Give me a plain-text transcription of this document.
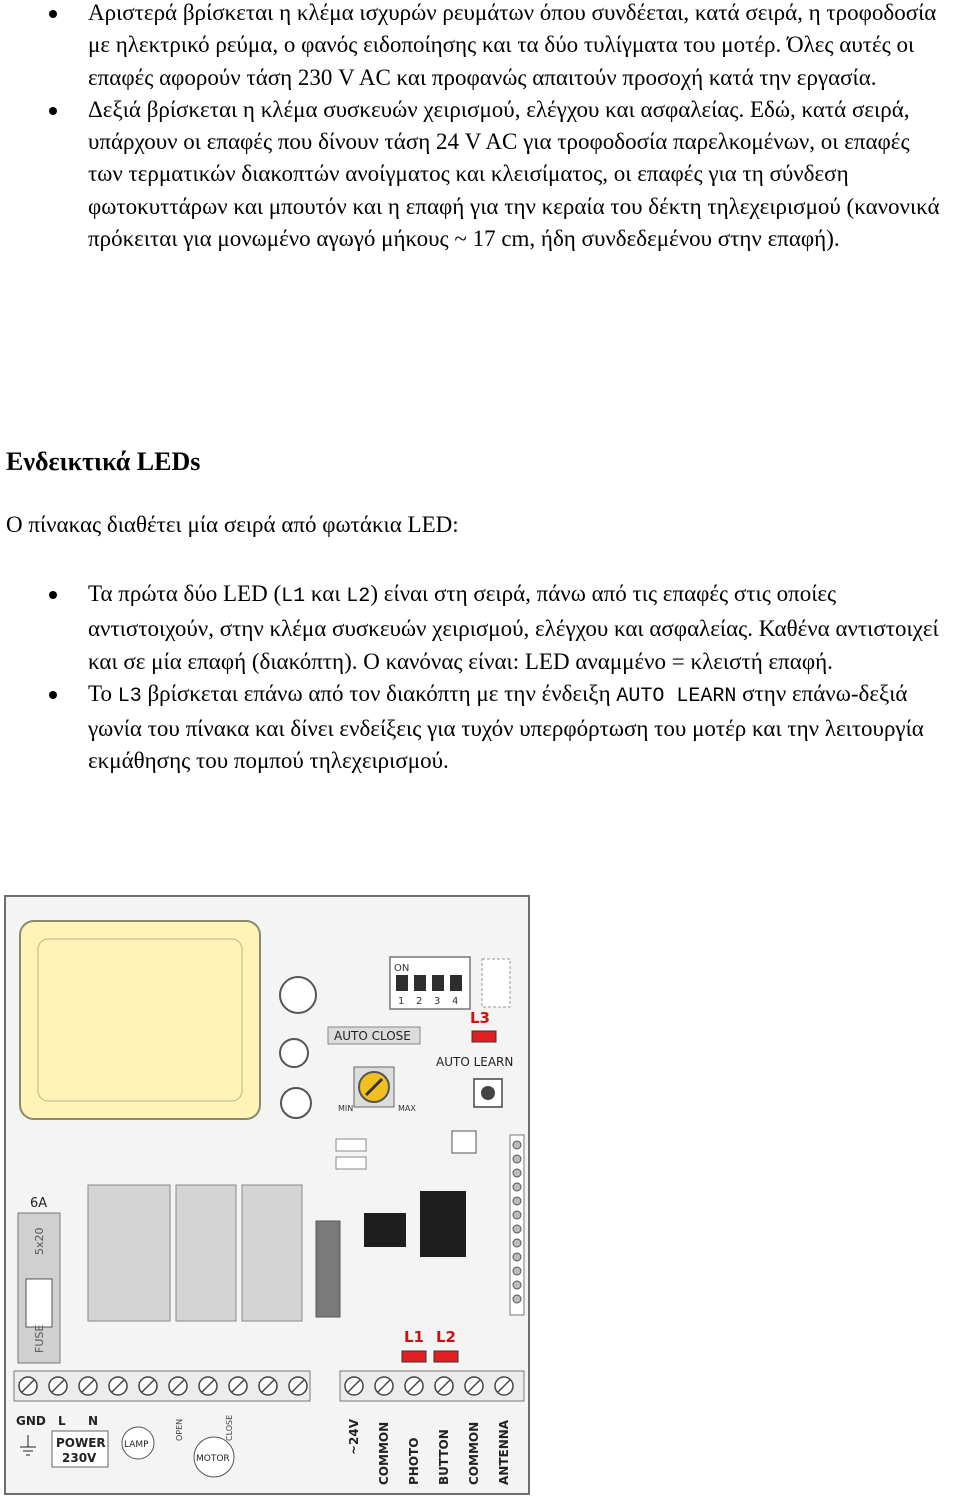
Αριστερά βρίσκεται η κλέμα ισχυρών ρευμάτων όπου συνδέεται, κατά σειρά, η τροφοδοσία με ηλεκτρικό ρεύμα, ο φανός ειδοποίησης και τα δύο τυλίγματα του μοτέρ. Όλες αυτές οι επαφές αφορούν τάση 230 V AC και προφανώς απαιτούν προσοχή κατά την εργασία.
Δεξιά βρίσκεται η κλέμα συσκευών χειρισμού, ελέγχου και ασφαλείας. Εδώ, κατά σειρά, υπάρχουν οι επαφές που δίνουν τάση 24 V AC για τροφοδοσία παρελκομένων, οι επαφές των τερματικών διακοπτών ανοίγματος και κλεισίματος, οι επαφές για τη σύνδεση φωτοκυττάρων και μπουτόν και η επαφή για την κεραία του δέκτη τηλεχειρισμού (κανονικά πρόκειται για μονωμένο αγωγό μήκους ~ 17 cm, ήδη συνδεδεμένου στην επαφή).
Ενδεικτικά LEDs

Ο πίνακας διαθέτει μία σειρά από φωτάκια LED:

Τα πρώτα δύο LED (L1 και L2) είναι στη σειρά, πάνω από τις επαφές στις οποίες αντιστοιχούν, στην κλέμα συσκευών χειρισμού, ελέγχου και ασφαλείας. Καθένα αντιστοιχεί και σε μία επαφή (διακόπτη). Ο κανόνας είναι: LED αναμμένο = κλειστή επαφή.
Το L3 βρίσκεται επάνω από τον διακόπτη με την ένδειξη AUTO LEARN στην επάνω-δεξιά γωνία του πίνακα και δίνει ενδείξεις για τυχόν υπερφόρτωση του μοτέρ και την λειτουργία εκμάθησης του πομπού τηλεχειρισμού.
ON
1 2 3 4
L3
AUTO CLOSE
AUTO LEARN
MIN	MAX
6A
5x20
FUSE	L1 L2
GND L N
POWER
230V
LAMP
MOTOR
OPEN	CLOSE	~24V COMMON PHOTO BUTTON COMMON ANTENNA
